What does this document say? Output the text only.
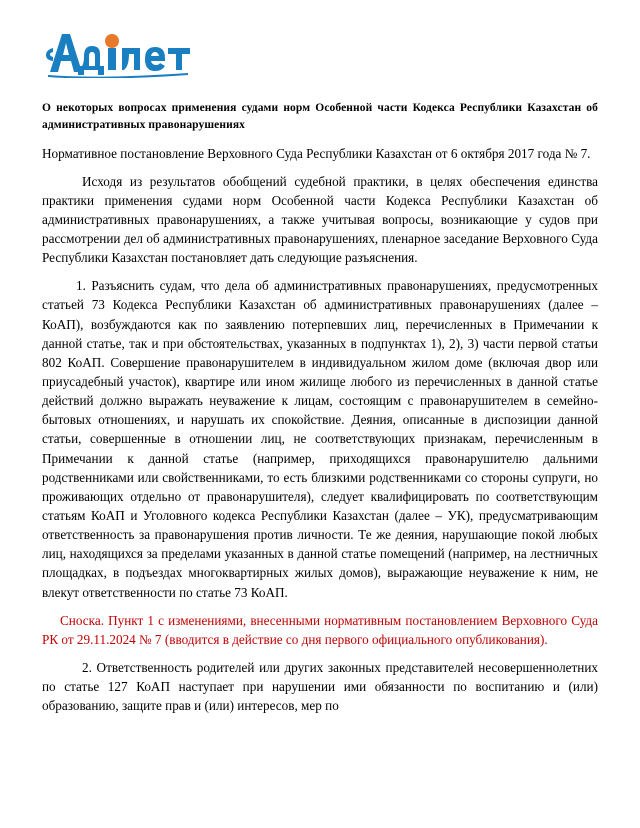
О некоторых вопросах применения судами норм Особенной части Кодекса Республики Казахстан об административных правонарушениях
Нормативное постановление Верховного Суда Республики Казахстан от 6 октября 2017 года № 7.
Исходя из результатов обобщений судебной практики, в целях обеспечения единства практики применения судами норм Особенной части Кодекса Республики Казахстан об административных правонарушениях, а также учитывая вопросы, возникающие у судов при рассмотрении дел об административных правонарушениях, пленарное заседание Верховного Суда Республики Казахстан постановляет дать следующие разъяснения.
1. Разъяснить судам, что дела об административных правонарушениях, предусмотренных статьей 73 Кодекса Республики Казахстан об административных правонарушениях (далее – КоАП), возбуждаются как по заявлению потерпевших лиц, перечисленных в Примечании к данной статье, так и при обстоятельствах, указанных в подпунктах 1), 2), 3) части первой статьи 802 КоАП. Совершение правонарушителем в индивидуальном жилом доме (включая двор или приусадебный участок), квартире или ином жилище любого из перечисленных в данной статье действий должно выражать неуважение к лицам, состоящим с правонарушителем в семейно-бытовых отношениях, и нарушать их спокойствие. Деяния, описанные в диспозиции данной статьи, совершенные в отношении лиц, не соответствующих признакам, перечисленным в Примечании к данной статье (например, приходящихся правонарушителю дальними родственниками или свойственниками, то есть близкими родственниками со стороны супруги, но проживающих отдельно от правонарушителя), следует квалифицировать по соответствующим статьям КоАП и Уголовного кодекса Республики Казахстан (далее – УК), предусматривающим ответственность за правонарушения против личности. Те же деяния, нарушающие покой любых лиц, находящихся за пределами указанных в данной статье помещений (например, на лестничных площадках, в подъездах многоквартирных жилых домов), выражающие неуважение к ним, не влекут ответственности по статье 73 КоАП.
Сноска. Пункт 1 с изменениями, внесенными нормативным постановлением Верховного Суда РК от 29.11.2024 № 7 (вводится в действие со дня первого официального опубликования).
2. Ответственность родителей или других законных представителей несовершеннолетних по статье 127 КоАП наступает при нарушении ими обязанности по воспитанию и (или) образованию, защите прав и (или) интересов, мер по
